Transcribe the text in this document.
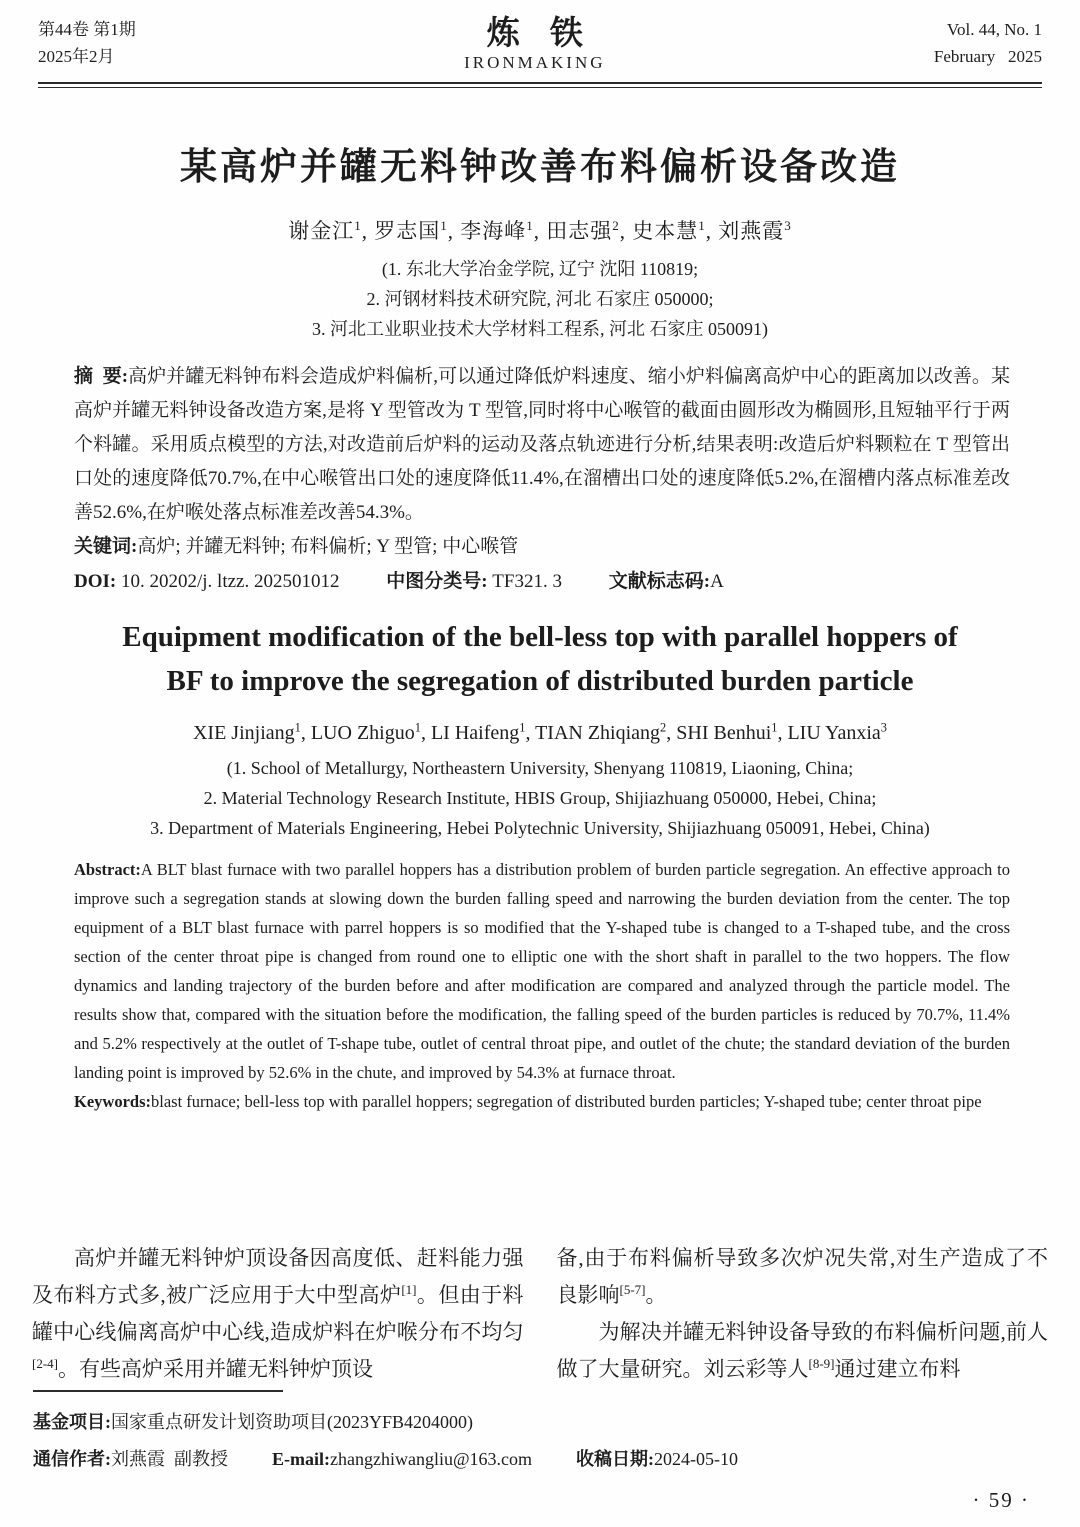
第44卷 第1期
2025年2月
炼铁
IRONMAKING
Vol. 44, No. 1
February   2025
某高炉并罐无料钟改善布料偏析设备改造
谢金江$^1$, 罗志国$^1$, 李海峰$^1$, 田志强$^2$, 史本慧$^1$, 刘燕霞$^3$
(1. 东北大学冶金学院, 辽宁 沈阳 110819;
2. 河钢材料技术研究院, 河北 石家庄 050000;
3. 河北工业职业技术大学材料工程系, 河北 石家庄 050091)

摘  要:高炉并罐无料钟布料会造成炉料偏析,可以通过降低炉料速度、缩小炉料偏离高炉中心的距离加以改善。某高炉并罐无料钟设备改造方案,是将 Y 型管改为 T 型管,同时将中心喉管的截面由圆形改为椭圆形,且短轴平行于两个料罐。采用质点模型的方法,对改造前后炉料的运动及落点轨迹进行分析,结果表明:改造后炉料颗粒在 T 型管出口处的速度降低70.7%,在中心喉管出口处的速度降低11.4%,在溜槽出口处的速度降低5.2%,在溜槽内落点标准差改善52.6%,在炉喉处落点标准差改善54.3%。

关键词:高炉; 并罐无料钟; 布料偏析; Y 型管; 中心喉管

DOI: 10. 20202/j. ltzz. 202501012 中图分类号: TF321. 3 文献标志码:A

Equipment modification of the bell-less top with parallel hoppers of
BF to improve the segregation of distributed burden particle
XIE Jinjiang$^1$, LUO Zhiguo$^1$, LI Haifeng$^1$, TIAN Zhiqiang$^2$, SHI Benhui$^1$, LIU Yanxia$^3$
(1. School of Metallurgy, Northeastern University, Shenyang 110819, Liaoning, China;
2. Material Technology Research Institute, HBIS Group, Shijiazhuang 050000, Hebei, China;
3. Department of Materials Engineering, Hebei Polytechnic University, Shijiazhuang 050091, Hebei, China)

Abstract:A BLT blast furnace with two parallel hoppers has a distribution problem of burden particle segregation. An effective approach to improve such a segregation stands at slowing down the burden falling speed and narrowing the burden deviation from the center. The top equipment of a BLT blast furnace with parrel hoppers is so modified that the Y-shaped tube is changed to a T-shaped tube, and the cross section of the center throat pipe is changed from round one to elliptic one with the short shaft in parallel to the two hoppers. The flow dynamics and landing trajectory of the burden before and after modification are compared and analyzed through the particle model. The results show that, compared with the situation before the modification, the falling speed of the burden particles is reduced by 70.7%, 11.4% and 5.2% respectively at the outlet of T-shape tube, outlet of central throat pipe, and outlet of the chute; the standard deviation of the burden landing point is improved by 52.6% in the chute, and improved by 54.3% at furnace throat.

Keywords:blast furnace; bell-less top with parallel hoppers; segregation of distributed burden particles; Y-shaped tube; center throat pipe

高炉并罐无料钟炉顶设备因高度低、赶料能力强及布料方式多,被广泛应用于大中型高炉[1]。但由于料罐中心线偏离高炉中心线,造成炉料在炉喉分布不均匀[2-4]。有些高炉采用并罐无料钟炉顶设

备,由于布料偏析导致多次炉况失常,对生产造成了不良影响[5-7]。

为解决并罐无料钟设备导致的布料偏析问题,前人做了大量研究。刘云彩等人[8-9]通过建立布料

基金项目:国家重点研发计划资助项目(2023YFB4204000)
通信作者:刘燕霞  副教授 E-mail:zhangzhiwangliu@163.com 收稿日期:2024-05-10
· 59 ·
